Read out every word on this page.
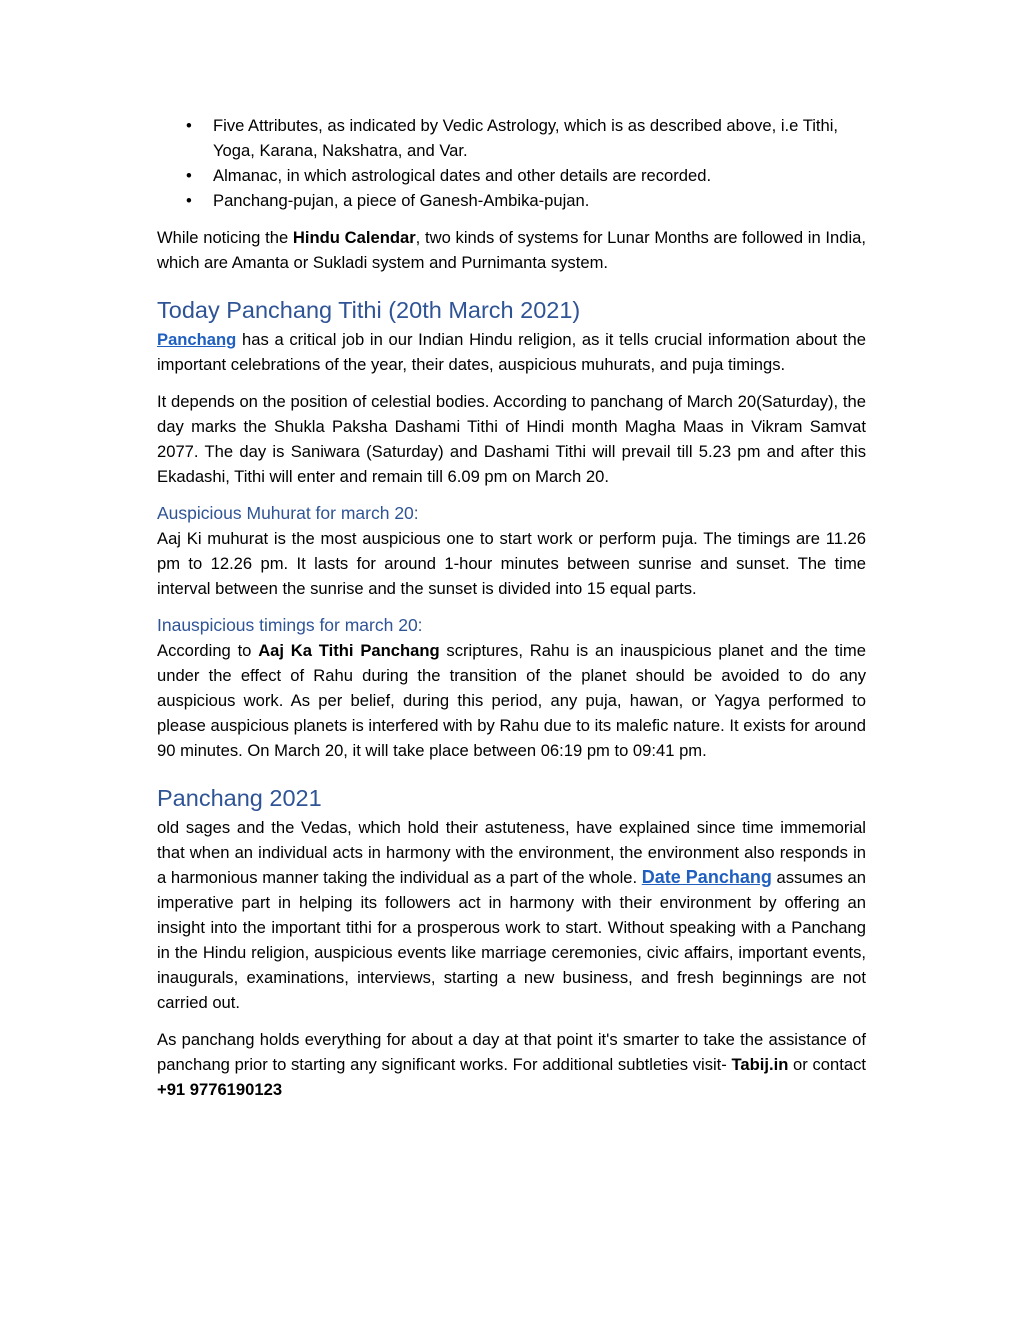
• Five Attributes, as indicated by Vedic Astrology, which is as described above, i.e Tithi, Yoga, Karana, Nakshatra, and Var.
• Almanac, in which astrological dates and other details are recorded.
• Panchang-pujan, a piece of Ganesh-Ambika-pujan.

While noticing the Hindu Calendar, two kinds of systems for Lunar Months are followed in India, which are Amanta or Sukladi system and Purnimanta system.

Today Panchang Tithi (20th March 2021)

Panchang has a critical job in our Indian Hindu religion, as it tells crucial information about the important celebrations of the year, their dates, auspicious muhurats, and puja timings.

It depends on the position of celestial bodies. According to panchang of March 20(Saturday), the day marks the Shukla Paksha Dashami Tithi of Hindi month Magha Maas in Vikram Samvat 2077. The day is Saniwara (Saturday) and Dashami Tithi will prevail till 5.23 pm and after this Ekadashi, Tithi will enter and remain till 6.09 pm on March 20.

Auspicious Muhurat for march 20:

Aaj Ki muhurat is the most auspicious one to start work or perform puja. The timings are 11.26 pm to 12.26 pm. It lasts for around 1-hour minutes between sunrise and sunset. The time interval between the sunrise and the sunset is divided into 15 equal parts.

Inauspicious timings for march 20:

According to Aaj Ka Tithi Panchang scriptures, Rahu is an inauspicious planet and the time under the effect of Rahu during the transition of the planet should be avoided to do any auspicious work. As per belief, during this period, any puja, hawan, or Yagya performed to please auspicious planets is interfered with by Rahu due to its malefic nature. It exists for around 90 minutes. On March 20, it will take place between 06:19 pm to 09:41 pm.

Panchang 2021

old sages and the Vedas, which hold their astuteness, have explained since time immemorial that when an individual acts in harmony with the environment, the environment also responds in a harmonious manner taking the individual as a part of the whole. Date Panchang assumes an imperative part in helping its followers act in harmony with their environment by offering an insight into the important tithi for a prosperous work to start. Without speaking with a Panchang in the Hindu religion, auspicious events like marriage ceremonies, civic affairs, important events, inaugurals, examinations, interviews, starting a new business, and fresh beginnings are not carried out.

As panchang holds everything for about a day at that point it's smarter to take the assistance of panchang prior to starting any significant works. For additional subtleties visit- Tabij.in or contact +91 9776190123
